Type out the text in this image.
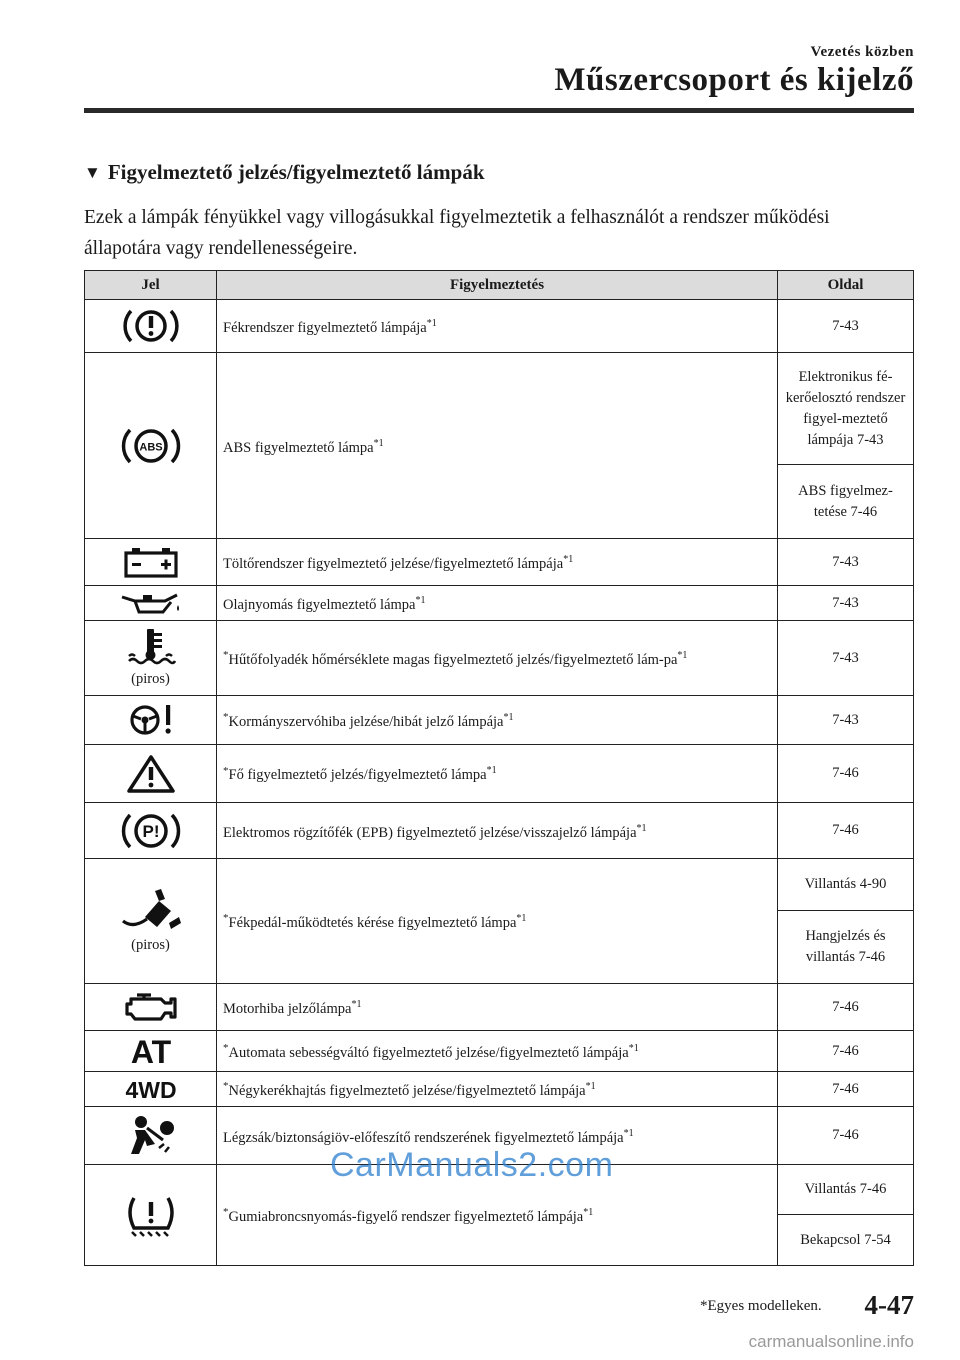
Vezetés közben
Műszercsoport és kijelző
▼ Figyelmeztető jelzés/figyelmeztető lámpák
Ezek a lámpák fényükkel vagy villogásukkal figyelmeztetik a felhasználót a rendszer működési állapotára vagy rendellenességeire.
Jel	Figyelmeztetés	Oldal

	Fékrendszer figyelmeztető lámpája$^{*1}$	7-43

ABS	ABS figyelmeztető lámpa$^{*1}$	Elektronikus fé-kerőelosztó rendszer figyel-meztető lámpája 7-43
		ABS figyelmez-tetése 7-46

	Töltőrendszer figyelmeztető jelzése/figyelmeztető lámpája$^{*1}$	7-43

	Olajnyomás figyelmeztető lámpa$^{*1}$	7-43

(piros)	*Hűtőfolyadék hőmérséklete magas figyelmeztető jelzés/figyelmeztető lám-$pa^{*1}$	7-43

	*Kormányszervóhiba jelzése/hibát jelző lámpája$^{*1}$	7-43

	*Fő figyelmeztető jelzés/figyelmeztető lámpa$^{*1}$	7-46

P!	Elektromos rögzítőfék (EPB) figyelmeztető jelzése/visszajelző lámpája$^{*1}$	7-46

(piros)	*Fékpedál-működtetés kérése figyelmeztető lámpa$^{*1}$	Villantás 4-90
		Hangjelzés és villantás 7-46

	Motorhiba jelzőlámpa$^{*1}$	7-46

AT	*Automata sebességváltó figyelmeztető jelzése/figyelmeztető lámpája$^{*1}$	7-46

4WD	*Négykerékhajtás figyelmeztető jelzése/figyelmeztető lámpája$^{*1}$	7-46

	Légzsák/biztonságiöv-előfeszítő rendszerének figyelmeztető lámpája$^{*1}$	7-46

	*Gumiabroncsnyomás-figyelő rendszer figyelmeztető lámpája$^{*1}$	Villantás 7-46
		Bekapcsol 7-54
CarManuals2.com
*Egyes modelleken. 4-47
carmanualsonline.info
